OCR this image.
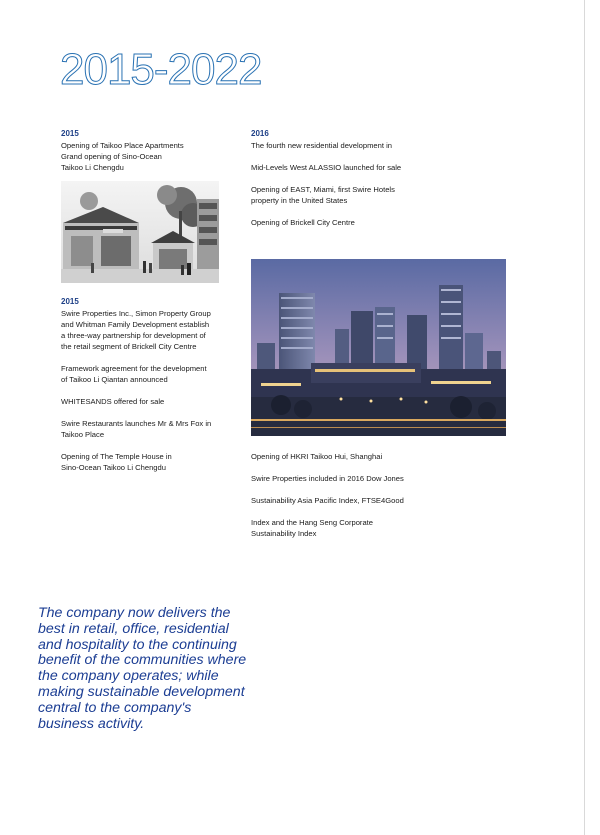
2015-2022

2015

Opening of Taikoo Place Apartments

Grand opening of Sino-Ocean

Taikoo Li Chengdu

2015

Swire Properties Inc., Simon Property Group

and Whitman Family Development establish

a three-way partnership for development of

the retail segment of Brickell City Centre

Framework agreement for the development

of Taikoo Li Qiantan announced

WHITESANDS offered for sale

Swire Restaurants launches Mr & Mrs Fox in

Taikoo Place

Opening of The Temple House in

Sino-Ocean Taikoo Li Chengdu

2016

The fourth new residential development in

Mid-Levels West ALASSIO launched for sale

Opening of EAST, Miami, first Swire Hotels

property in the United States

Opening of Brickell City Centre

Opening of HKRI Taikoo Hui, Shanghai

Swire Properties included in 2016 Dow Jones

Sustainability Asia Pacific Index, FTSE4Good

Index and the Hang Seng Corporate

Sustainability Index

The company now delivers the best in retail, office, residential and hospitality to the continuing benefit of the communities where the company operates; while making sustainable development central to the company's business activity.
